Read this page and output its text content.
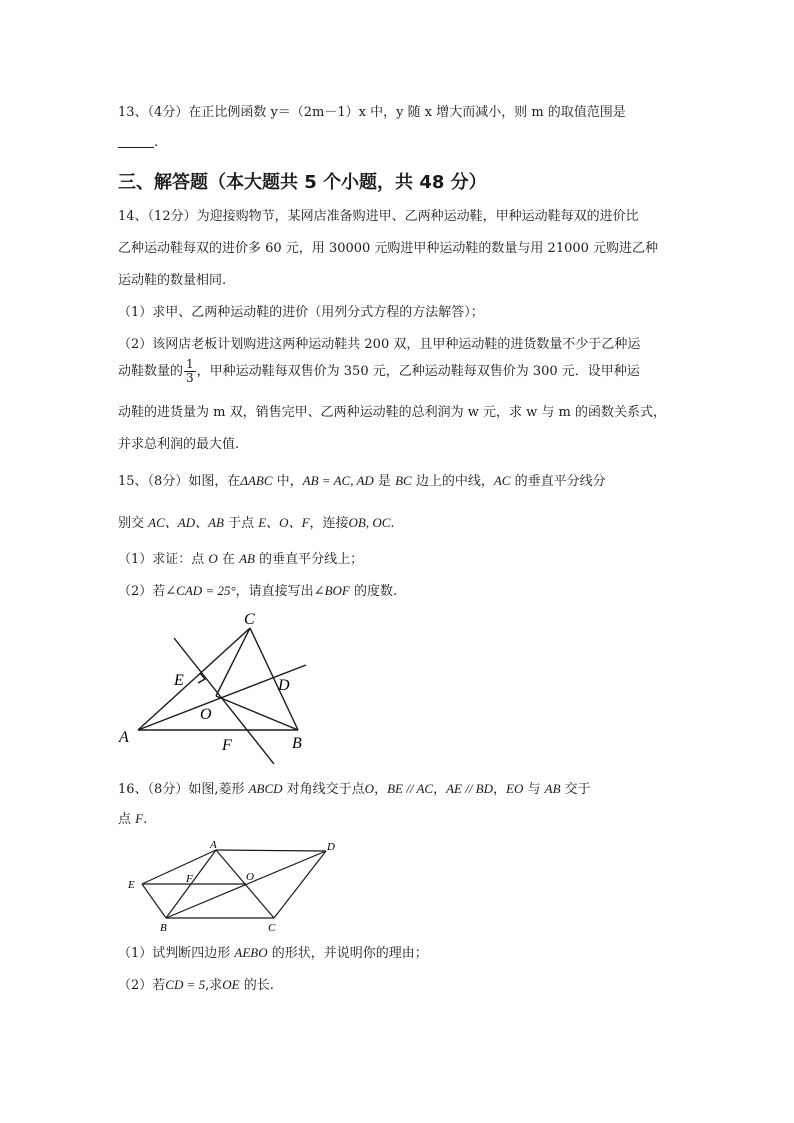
13、（4分）在正比例函数 y＝（2m－1）x 中，y 随 x 增大而减小，则 m 的取值范围是
.
三、解答题（本大题共 5 个小题，共 48 分）
14、（12分）为迎接购物节，某网店准备购进甲、乙两种运动鞋，甲种运动鞋每双的进价比
乙种运动鞋每双的进价多 60 元，用 30000 元购进甲种运动鞋的数量与用 21000 元购进乙种
运动鞋的数量相同.
（1）求甲、乙两种运动鞋的进价（用列分式方程的方法解答）；
（2）该网店老板计划购进这两种运动鞋共 200 双，且甲种运动鞋的进货数量不少于乙种运
动鞋数量的 $\frac{1}{3}$ ，甲种运动鞋每双售价为 350 元，乙种运动鞋每双售价为 300 元．设甲种运
动鞋的进货量为 m 双，销售完甲、乙两种运动鞋的总利润为 w 元，求 w 与 m 的函数关系式，
并求总利润的最大值.
15、（8分）如图，在ΔABC 中，AB = AC, AD 是 BC 边上的中线，AC 的垂直平分线分
别交 AC、AD、AB 于点 E、O、F，连接OB, OC.
（1）求证：点 O 在 AB 的垂直平分线上；
（2）若∠CAD = 25°，请直接写出∠BOF 的度数.
C
E	D
O
A	F	B
16、（8分）如图,菱形 ABCD 对角线交于点O，BE // AC，AE // BD，EO 与 AB 交于
点 F.
A	D
E	F	O
B	C
（1）试判断四边形 AEBO 的形状，并说明你的理由；
（2）若CD = 5,求OE 的长.
